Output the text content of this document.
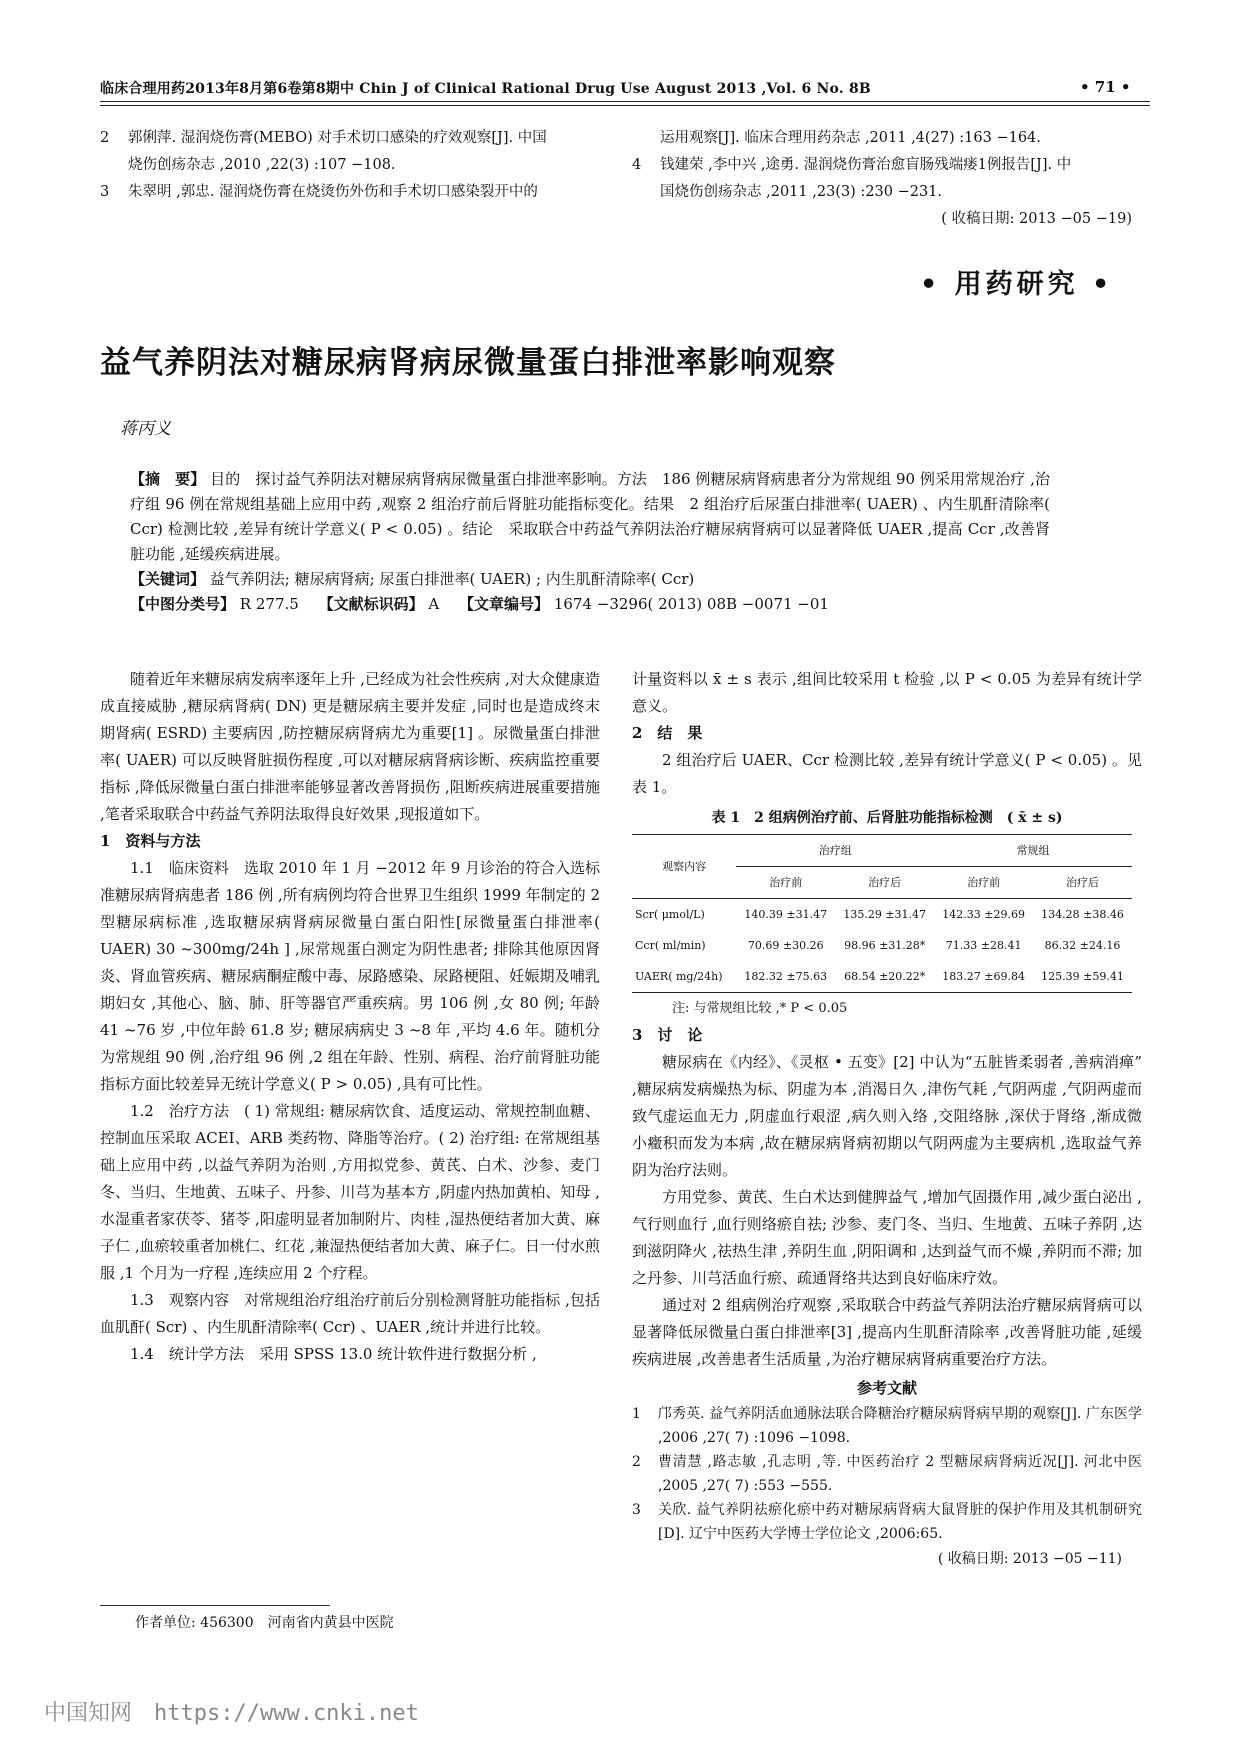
临床合理用药2013年8月第6卷第8期中 Chin J of Clinical Rational Drug Use August 2013 ,Vol. 6 No. 8B	• 71 •
2 郭俐萍. 湿润烧伤膏(MEBO) 对手术切口感染的疗效观察[J]. 中国
烧伤创疡杂志 ,2010 ,22(3) :107 −108.
3 朱翠明 ,郭忠. 湿润烧伤膏在烧烫伤外伤和手术切口感染裂开中的
运用观察[J]. 临床合理用药杂志 ,2011 ,4(27) :163 −164.
4 钱建荣 ,李中兴 ,途勇. 湿润烧伤膏治愈盲肠残端瘘1例报告[J]. 中
国烧伤创疡杂志 ,2011 ,23(3) :230 −231.
( 收稿日期: 2013 −05 −19)
• 用药研究 •
益气养阴法对糖尿病肾病尿微量蛋白排泄率影响观察
蒋丙义
【摘　要】 目的　探讨益气养阴法对糖尿病肾病尿微量蛋白排泄率影响。方法　186 例糖尿病肾病患者分为常规组 90 例采用常规治疗 ,治疗组 96 例在常规组基础上应用中药 ,观察 2 组治疗前后肾脏功能指标变化。结果　2 组治疗后尿蛋白排泄率( UAER) 、内生肌酐清除率( Ccr) 检测比较 ,差异有统计学意义( P < 0.05) 。结论　采取联合中药益气养阴法治疗糖尿病肾病可以显著降低 UAER ,提高 Ccr ,改善肾脏功能 ,延缓疾病进展。
【关键词】 益气养阴法; 糖尿病肾病; 尿蛋白排泄率( UAER) ; 内生肌酐清除率( Ccr)
【中图分类号】 R 277.5　 【文献标识码】 A　 【文章编号】 1674 −3296( 2013) 08B −0071 −01

随着近年来糖尿病发病率逐年上升 ,已经成为社会性疾病 ,对大众健康造成直接威胁 ,糖尿病肾病( DN) 更是糖尿病主要并发症 ,同时也是造成终末期肾病( ESRD) 主要病因 ,防控糖尿病肾病尤为重要[1] 。尿微量蛋白排泄率( UAER) 可以反映肾脏损伤程度 ,可以对糖尿病肾病诊断、疾病监控重要指标 ,降低尿微量白蛋白排泄率能够显著改善肾损伤 ,阻断疾病进展重要措施 ,笔者采取联合中药益气养阴法取得良好效果 ,现报道如下。

1　资料与方法

1.1　临床资料　选取 2010 年 1 月 −2012 年 9 月诊治的符合入选标准糖尿病肾病患者 186 例 ,所有病例均符合世界卫生组织 1999 年制定的 2 型糖尿病标准 ,选取糖尿病肾病尿微量白蛋白阳性[尿微量蛋白排泄率( UAER) 30 ~300mg/24h ] ,尿常规蛋白测定为阴性患者; 排除其他原因肾炎、肾血管疾病、糖尿病酮症酸中毒、尿路感染、尿路梗阻、妊娠期及哺乳期妇女 ,其他心、脑、肺、肝等器官严重疾病。男 106 例 ,女 80 例; 年龄 41 ~76 岁 ,中位年龄 61.8 岁; 糖尿病病史 3 ~8 年 ,平均 4.6 年。随机分为常规组 90 例 ,治疗组 96 例 ,2 组在年龄、性别、病程、治疗前肾脏功能指标方面比较差异无统计学意义( P > 0.05) ,具有可比性。

1.2　治疗方法　( 1) 常规组: 糖尿病饮食、适度运动、常规控制血糖、控制血压采取 ACEI、ARB 类药物、降脂等治疗。( 2) 治疗组: 在常规组基础上应用中药 ,以益气养阴为治则 ,方用拟党参、黄芪、白术、沙参、麦门冬、当归、生地黄、五味子、丹参、川芎为基本方 ,阴虚内热加黄柏、知母 ,水湿重者家茯苓、猪苓 ,阳虚明显者加制附片、肉桂 ,湿热便结者加大黄、麻子仁 ,血瘀较重者加桃仁、红花 ,兼湿热便结者加大黄、麻子仁。日一付水煎服 ,1 个月为一疗程 ,连续应用 2 个疗程。

1.3　观察内容　对常规组治疗组治疗前后分别检测肾脏功能指标 ,包括血肌酐( Scr) 、内生肌酐清除率( Ccr) 、UAER ,统计并进行比较。

1.4　统计学方法　采用 SPSS 13.0 统计软件进行数据分析 ,

计量资料以 x̄ ± s 表示 ,组间比较采用 t 检验 ,以 P < 0.05 为差异有统计学意义。

2　结　果

2 组治疗后 UAER、Ccr 检测比较 ,差异有统计学意义( P < 0.05) 。见表 1。

表 1　2 组病例治疗前、后肾脏功能指标检测　( x̄ ± s)
观察内容	治疗组		常规组	
	治疗前	治疗后	治疗前	治疗后
Scr( μmol/L)	140.39 ±31.47	135.29 ±31.47	142.33 ±29.69	134.28 ±38.46
Ccr( ml/min)	70.69 ±30.26	98.96 ±31.28*	71.33 ±28.41	86.32 ±24.16
UAER( mg/24h)	182.32 ±75.63	68.54 ±20.22*	183.27 ±69.84	125.39 ±59.41
注: 与常规组比较 ,* P < 0.05
3　讨　论

糖尿病在《内经》、《灵枢 • 五变》[2] 中认为“五脏皆柔弱者 ,善病消瘅” ,糖尿病发病燥热为标、阴虚为本 ,消渴日久 ,津伤气耗 ,气阴两虚 ,气阴两虚而致气虚运血无力 ,阴虚血行艰涩 ,病久则入络 ,交阻络脉 ,深伏于肾络 ,渐成微小癥积而发为本病 ,故在糖尿病肾病初期以气阴两虚为主要病机 ,选取益气养阴为治疗法则。

方用党参、黄芪、生白术达到健脾益气 ,增加气固摄作用 ,减少蛋白泌出 ,气行则血行 ,血行则络瘀自祛; 沙参、麦门冬、当归、生地黄、五味子养阴 ,达到滋阴降火 ,祛热生津 ,养阴生血 ,阴阳调和 ,达到益气而不燥 ,养阴而不滞; 加之丹参、川芎活血行瘀、疏通肾络共达到良好临床疗效。

通过对 2 组病例治疗观察 ,采取联合中药益气养阴法治疗糖尿病肾病可以显著降低尿微量白蛋白排泄率[3] ,提高内生肌酐清除率 ,改善肾脏功能 ,延缓疾病进展 ,改善患者生活质量 ,为治疗糖尿病肾病重要治疗方法。

参考文献
1	邝秀英. 益气养阴活血通脉法联合降糖治疗糖尿病肾病早期的观察[J]. 广东医学 ,2006 ,27( 7) :1096 −1098.
2	曹清慧 ,路志敏 ,孔志明 ,等. 中医药治疗 2 型糖尿病肾病近况[J]. 河北中医 ,2005 ,27( 7) :553 −555.
3	关欣. 益气养阴祛瘀化瘀中药对糖尿病肾病大鼠肾脏的保护作用及其机制研究[D]. 辽宁中医药大学博士学位论文 ,2006:65.
( 收稿日期: 2013 −05 −11)
作者单位: 456300　河南省内黄县中医院
中国知网　https://www.cnki.net
